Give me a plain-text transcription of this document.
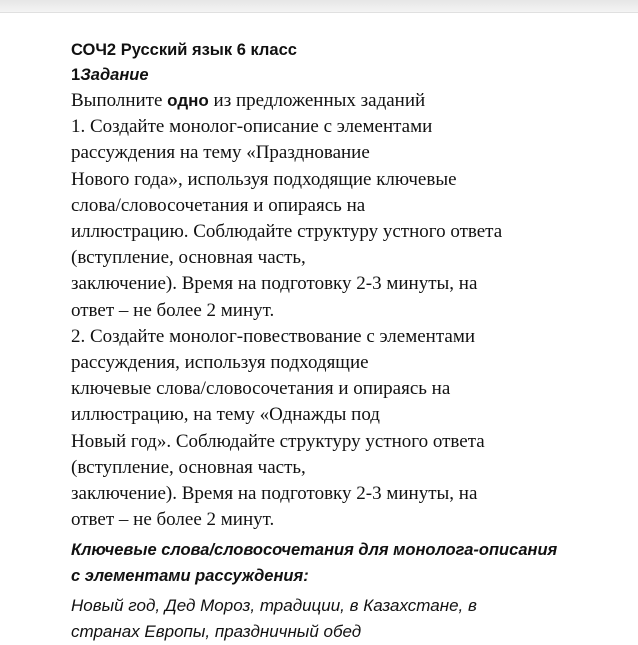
СОЧ2 Русский язык 6 класс
1Задание
Выполните одно из предложенных заданий
1. Создайте монолог-описание с элементами
рассуждения на тему «Празднование
Нового года», используя подходящие ключевые
слова/словосочетания и опираясь на
иллюстрацию. Соблюдайте структуру устного ответа
(вступление, основная часть,
заключение). Время на подготовку 2-3 минуты, на
ответ – не более 2 минут.
2. Создайте монолог-повествование с элементами
рассуждения, используя подходящие
ключевые слова/словосочетания и опираясь на
иллюстрацию, на тему «Однажды под
Новый год». Соблюдайте структуру устного ответа
(вступление, основная часть,
заключение). Время на подготовку 2-3 минуты, на
ответ – не более 2 минут.
Ключевые слова/словосочетания для монолога-описания
с элементами рассуждения:
Новый год, Дед Мороз, традиции, в Казахстане, в
странах Европы, праздничный обед
